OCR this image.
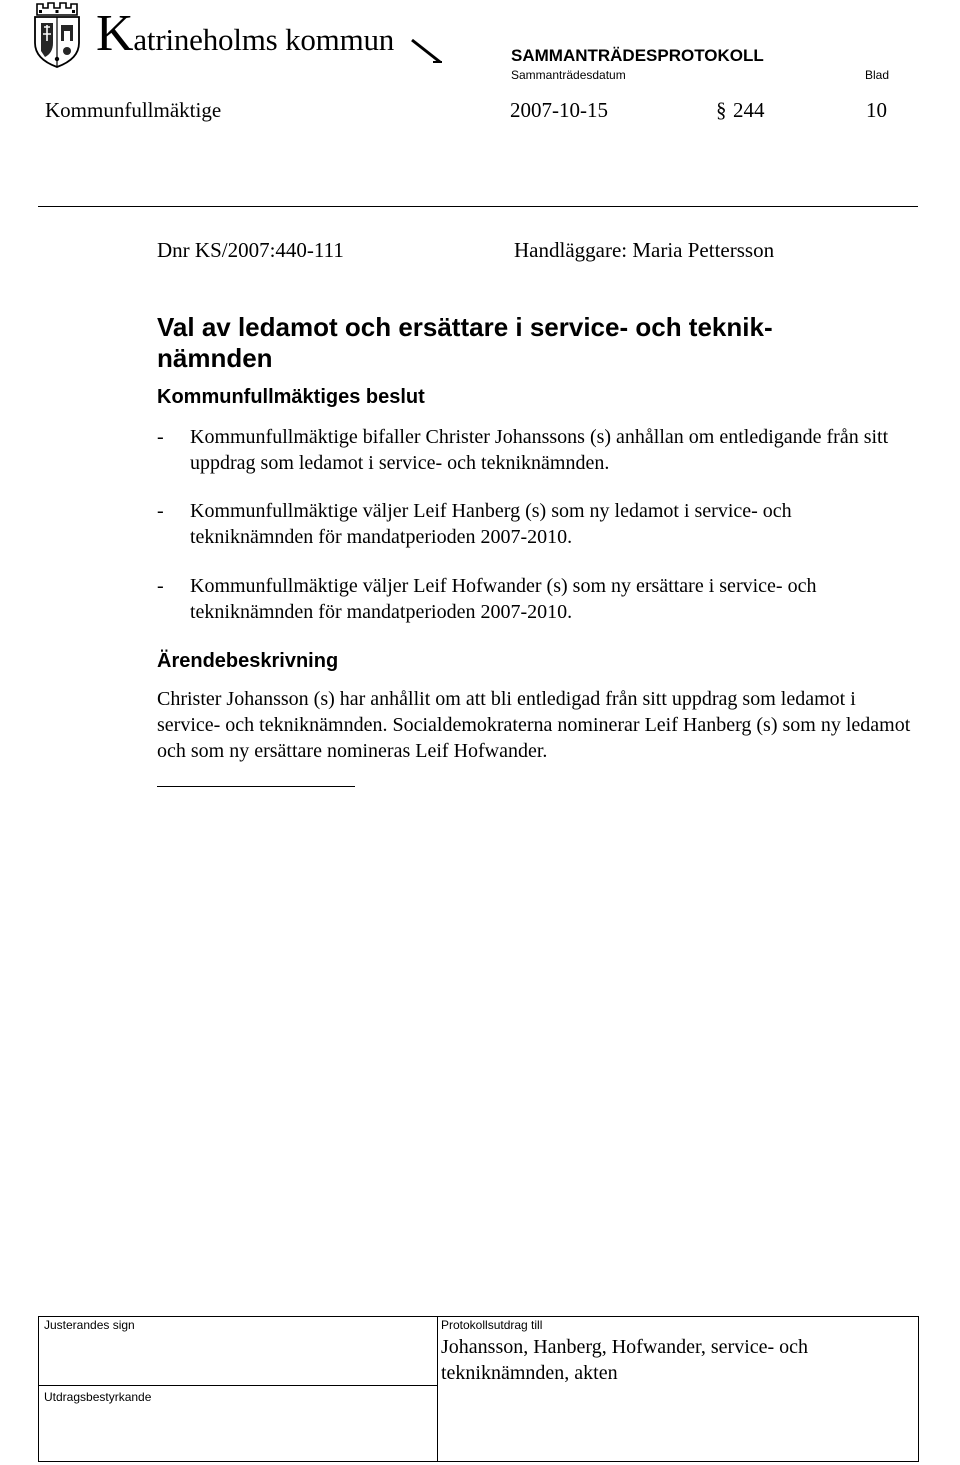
Katrineholms kommun	SAMMANTRÄDESPROTOKOLL
Sammanträdesdatum	Blad
Kommunfullmäktige	2007-10-15	§ 244	10
Dnr KS/2007:440-111	Handläggare: Maria Pettersson
Val av ledamot och ersättare i service- och teknik-
nämnden
Kommunfullmäktiges beslut
- Kommunfullmäktige bifaller Christer Johanssons (s) anhållan om entledigande från sitt uppdrag som ledamot i service- och tekniknämnden.
- Kommunfullmäktige väljer Leif Hanberg (s) som ny ledamot i service- och tekniknämnden för mandatperioden 2007-2010.
- Kommunfullmäktige väljer Leif Hofwander (s) som ny ersättare i service- och tekniknämnden för mandatperioden 2007-2010.
Ärendebeskrivning
Christer Johansson (s) har anhållit om att bli entledigad från sitt uppdrag som ledamot i service- och tekniknämnden. Socialdemokraterna nominerar Leif Hanberg (s) som ny ledamot och som ny ersättare nomineras Leif Hofwander.
Justerandes sign
Utdragsbestyrkande
Protokollsutdrag till
Johansson, Hanberg, Hofwander, service- och tekniknämnden, akten
